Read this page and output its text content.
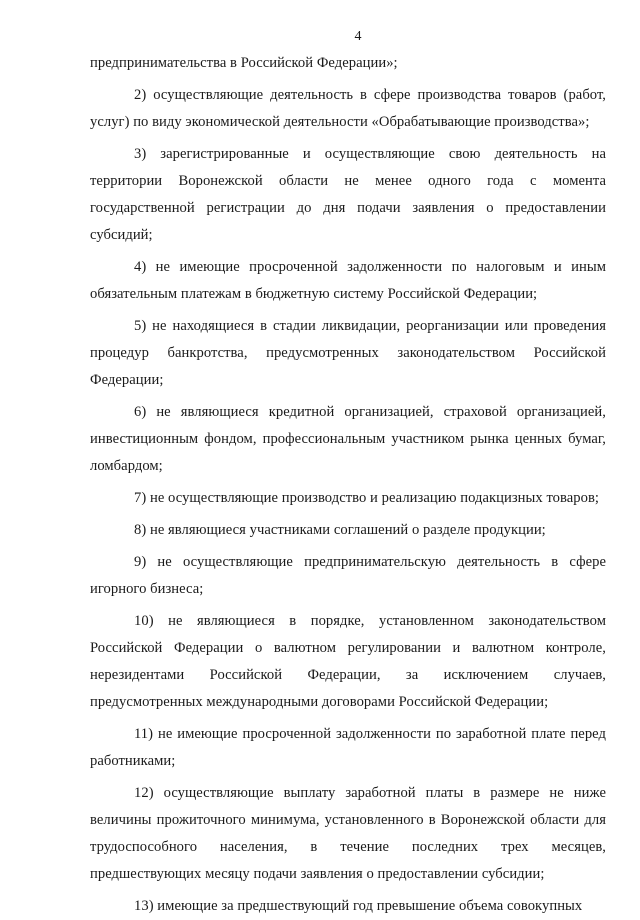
4

предпринимательства в Российской Федерации»;

2) осуществляющие деятельность в сфере производства товаров (работ, услуг) по виду экономической деятельности «Обрабатывающие производства»;

3) зарегистрированные и осуществляющие свою деятельность на территории Воронежской области не менее одного года с момента государственной регистрации до дня подачи заявления о предоставлении субсидий;

4) не имеющие просроченной задолженности по налоговым и иным обязательным платежам в бюджетную систему Российской Федерации;

5) не находящиеся в стадии ликвидации, реорганизации или проведения процедур банкротства, предусмотренных законодательством Российской Федерации;

6) не являющиеся кредитной организацией, страховой организацией, инвестиционным фондом, профессиональным участником рынка ценных бумаг, ломбардом;

7) не осуществляющие производство и реализацию подакцизных товаров;

8) не являющиеся участниками соглашений о разделе продукции;

9) не осуществляющие предпринимательскую деятельность в сфере игорного бизнеса;

10) не являющиеся в порядке, установленном законодательством Российской Федерации о валютном регулировании и валютном контроле, нерезидентами Российской Федерации, за исключением случаев, предусмотренных международными договорами Российской Федерации;

11) не имеющие просроченной задолженности по заработной плате перед работниками;

12) осуществляющие выплату заработной платы в размере не ниже величины прожиточного минимума, установленного в Воронежской области для трудоспособного населения, в течение последних трех месяцев, предшествующих месяцу подачи заявления о предоставлении субсидии;

13) имеющие за предшествующий год превышение объема совокупных
